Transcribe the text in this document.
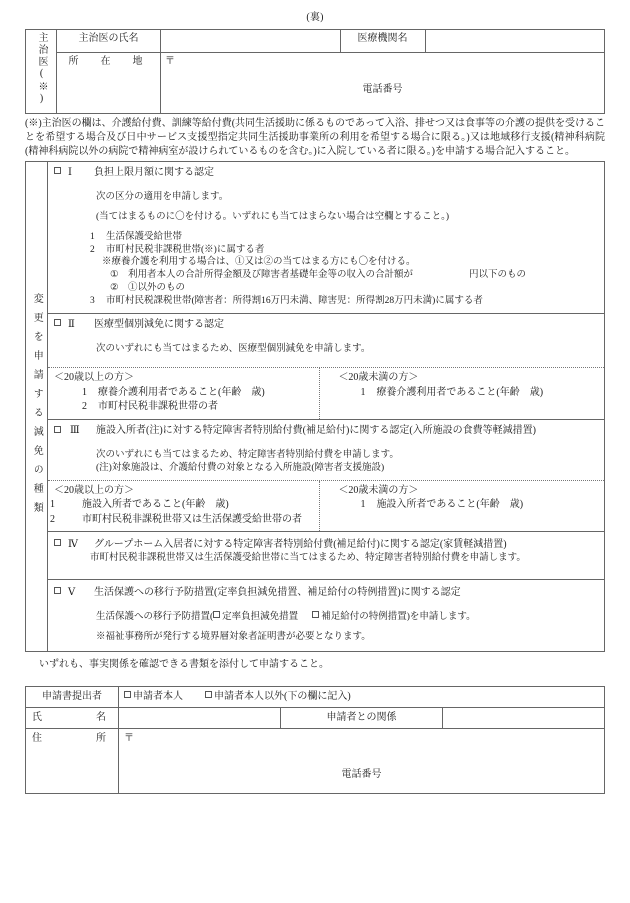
(裏)
主治医(※)	主治医の氏名		医療機関名	
	所　在　地	〒
電話番号		
(※)主治医の欄は、介護給付費、訓練等給付費(共同生活援助に係るものであって入浴、排せつ又は食事等の介護の提供を受けることを希望する場合及び日中サービス支援型指定共同生活援助事業所の利用を希望する場合に限る。)又は地域移行支援(精神科病院(精神科病院以外の病院で精神病室が設けられているものを含む。)に入院している者に限る。)を申請する場合記入すること。
変更を申請する減免の種類
Ⅰ 負担上限月額に関する認定
次の区分の適用を申請します。
(当てはまるものに〇を付ける。いずれにも当てはまらない場合は空欄とすること。)
1 生活保護受給世帯
2 市町村民税非課税世帯(※)に属する者
※療養介護を利用する場合は、①又は②の当てはまる方にも〇を付ける。
① 利用者本人の合計所得金額及び障害者基礎年金等の収入の合計額が	円以下のもの
② ①以外のもの
3 市町村民税課税世帯(障害者：所得割16万円未満、障害児：所得割28万円未満)に属する者
Ⅱ 医療型個別減免に関する認定
次のいずれにも当てはまるため、医療型個別減免を申請します。
＜20歳以上の方＞
1 療養介護利用者であること(年齢　歳)
2 市町村民税非課税世帯の者
＜20歳未満の方＞
1 療養介護利用者であること(年齢　歳)
Ⅲ 施設入所者(注)に対する特定障害者特別給付費(補足給付)に関する認定(入所施設の食費等軽減措置)
次のいずれにも当てはまるため、特定障害者特別給付費を申請します。
(注)対象施設は、介護給付費の対象となる入所施設(障害者支援施設)
＜20歳以上の方＞
1	施設入所者であること(年齢　歳)
2	市町村民税非課税世帯又は生活保護受給世帯の者
＜20歳未満の方＞
1 施設入所者であること(年齢　歳)
Ⅳ グループホーム入居者に対する特定障害者特別給付費(補足給付)に関する認定(家賃軽減措置)
市町村民税非課税世帯又は生活保護受給世帯に当てはまるため、特定障害者特別給付費を申請します。
Ⅴ 生活保護への移行予防措置(定率負担減免措置、補足給付の特例措置)に関する認定
生活保護への移行予防措置( 定率負担減免措置 補足給付の特例措置)を申請します。
※福祉事務所が発行する境界層対象者証明書が必要となります。
いずれも、事実関係を確認できる書類を添付して申請すること。
申請書提出者	申請者本人 申請者本人以外(下の欄に記入)		
氏　　　名		申請者との関係	
住　　　所	〒
電話番号		
